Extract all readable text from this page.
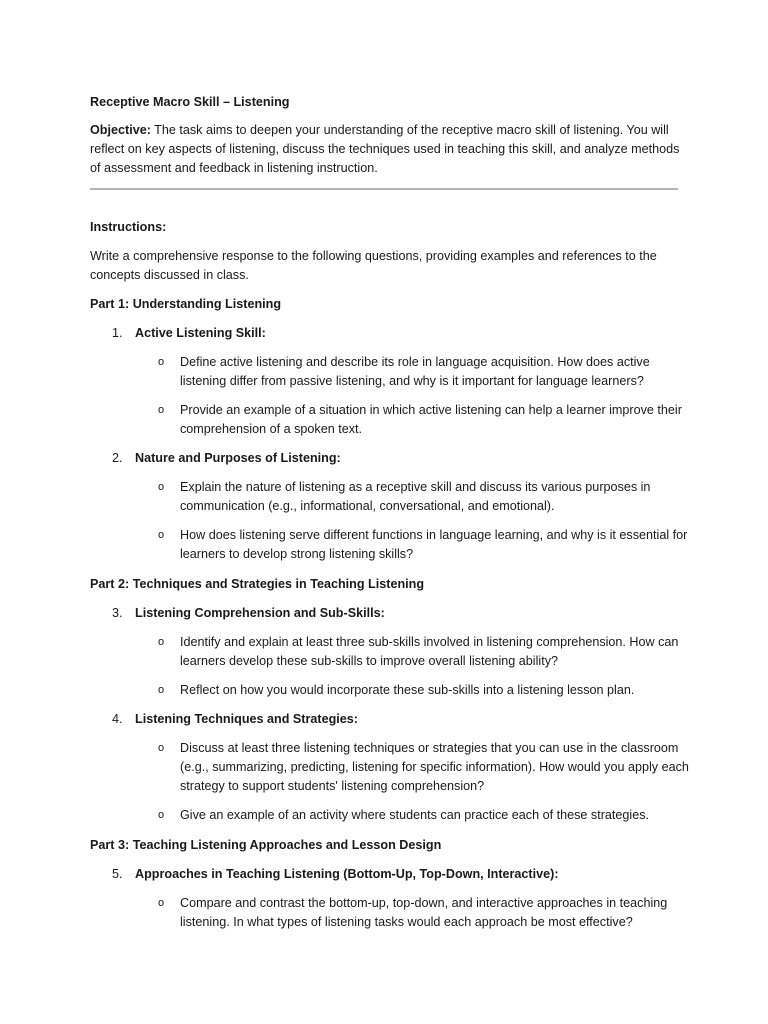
Receptive Macro Skill – Listening
Objective: The task aims to deepen your understanding of the receptive macro skill of listening. You will reflect on key aspects of listening, discuss the techniques used in teaching this skill, and analyze methods of assessment and feedback in listening instruction.
Instructions:
Write a comprehensive response to the following questions, providing examples and references to the concepts discussed in class.
Part 1: Understanding Listening
1. Active Listening Skill:
o Define active listening and describe its role in language acquisition. How does active listening differ from passive listening, and why is it important for language learners?
o Provide an example of a situation in which active listening can help a learner improve their comprehension of a spoken text.
2. Nature and Purposes of Listening:
o Explain the nature of listening as a receptive skill and discuss its various purposes in communication (e.g., informational, conversational, and emotional).
o How does listening serve different functions in language learning, and why is it essential for learners to develop strong listening skills?
Part 2: Techniques and Strategies in Teaching Listening
3. Listening Comprehension and Sub-Skills:
o Identify and explain at least three sub-skills involved in listening comprehension. How can learners develop these sub-skills to improve overall listening ability?
o Reflect on how you would incorporate these sub-skills into a listening lesson plan.
4. Listening Techniques and Strategies:
o Discuss at least three listening techniques or strategies that you can use in the classroom (e.g., summarizing, predicting, listening for specific information). How would you apply each strategy to support students' listening comprehension?
o Give an example of an activity where students can practice each of these strategies.
Part 3: Teaching Listening Approaches and Lesson Design
5. Approaches in Teaching Listening (Bottom-Up, Top-Down, Interactive):
o Compare and contrast the bottom-up, top-down, and interactive approaches in teaching listening. In what types of listening tasks would each approach be most effective?
